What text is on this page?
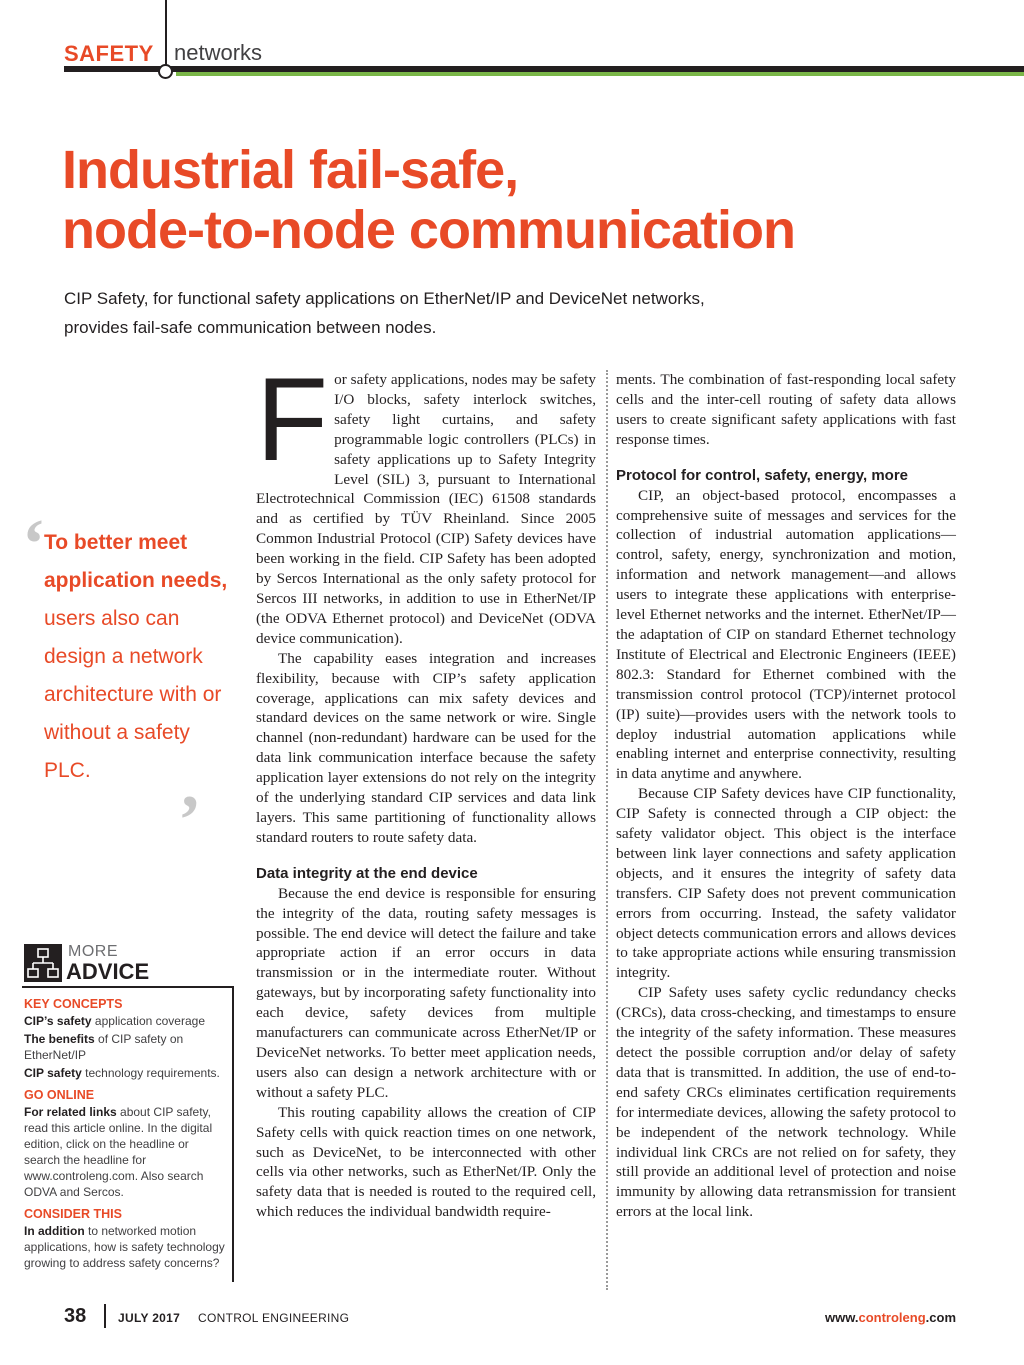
SAFETY networks
Industrial fail-safe,
node-to-node communication
CIP Safety, for functional safety applications on EtherNet/IP and DeviceNet networks,
provides fail-safe communication between nodes.
‘
To better meet application needs, users also can design a network architecture with or without a safety PLC.
’
MORE
ADVICE
KEY CONCEPTS

CIP’s safety application coverage

The benefits of CIP safety on EtherNet/IP

CIP safety technology requirements.

GO ONLINE

For related links about CIP safety, read this article online. In the digital edition, click on the headline or search the headline for www.controleng.com. Also search ODVA and Sercos.

CONSIDER THIS

In addition to networked motion applications, how is safety technology growing to address safety concerns?

F or safety applications, nodes may be safety I/O blocks, safety interlock switches, safety light curtains, and safety programmable logic controllers (PLCs) in safety applications up to Safety Integrity Level (SIL) 3, pursuant to International Electrotechnical Commission (IEC) 61508 standards and as certified by TÜV Rheinland. Since 2005 Common Industrial Protocol (CIP) Safety devices have been working in the field. CIP Safety has been adopted by Sercos International as the only safety protocol for Sercos III networks, in addition to use in EtherNet/IP (the ODVA Ethernet protocol) and DeviceNet (ODVA device communication).

The capability eases integration and increases flexibility, because with CIP’s safety application coverage, applications can mix safety devices and standard devices on the same network or wire. Single channel (non-redundant) hardware can be used for the data link communication interface because the safety application layer extensions do not rely on the integrity of the underlying standard CIP services and data link layers. This same partitioning of functionality allows standard routers to route safety data.

Data integrity at the end device

Because the end device is responsible for ensuring the integrity of the data, routing safety messages is possible. The end device will detect the failure and take appropriate action if an error occurs in data transmission or in the intermediate router. Without gateways, but by incorporating safety functionality into each device, safety devices from multiple manufacturers can communicate across EtherNet/IP or DeviceNet networks. To better meet application needs, users also can design a network architecture with or without a safety PLC.

This routing capability allows the creation of CIP Safety cells with quick reaction times on one network, such as DeviceNet, to be interconnected with other cells via other networks, such as EtherNet/IP. Only the safety data that is needed is routed to the required cell, which reduces the individual bandwidth require-

ments. The combination of fast-responding local safety cells and the inter-cell routing of safety data allows users to create significant safety applications with fast response times.

Protocol for control, safety, energy, more

CIP, an object-based protocol, encompasses a comprehensive suite of messages and services for the collection of industrial automation applications—control, safety, energy, synchronization and motion, information and network management—and allows users to integrate these applications with enterprise-level Ethernet networks and the internet. EtherNet/IP—the adaptation of CIP on standard Ethernet technology Institute of Electrical and Electronic Engineers (IEEE) 802.3: Standard for Ethernet combined with the transmission control protocol (TCP)/internet protocol (IP) suite)—provides users with the network tools to deploy industrial automation applications while enabling internet and enterprise connectivity, resulting in data anytime and anywhere.

Because CIP Safety devices have CIP functionality, CIP Safety is connected through a CIP object: the safety validator object. This object is the interface between link layer connections and safety application objects, and it ensures the integrity of safety data transfers. CIP Safety does not prevent communication errors from occurring. Instead, the safety validator object detects communication errors and allows devices to take appropriate actions while ensuring transmission integrity.

CIP Safety uses safety cyclic redundancy checks (CRCs), data cross-checking, and timestamps to ensure the integrity of the safety information. These measures detect the possible corruption and/or delay of safety data that is transmitted. In addition, the use of end-to-end safety CRCs eliminates certification requirements for intermediate devices, allowing the safety protocol to be independent of the network technology. While individual link CRCs are not relied on for safety, they still provide an additional level of protection and noise immunity by allowing data retransmission for transient errors at the local link.

38	JULY 2017 CONTROL ENGINEERING	www.controleng.com
